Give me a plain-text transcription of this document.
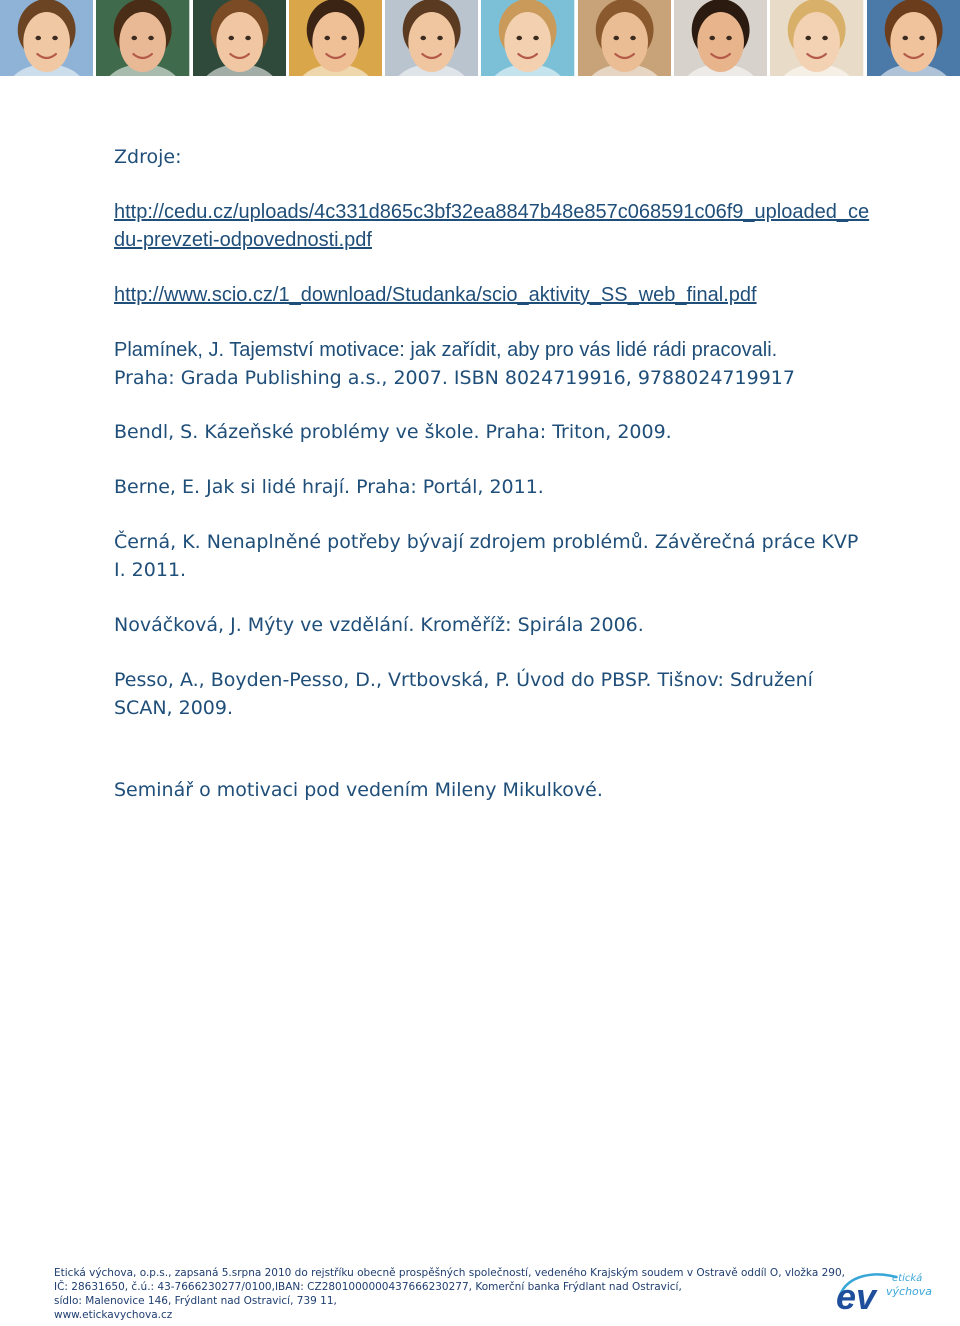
Zdroje:

http://cedu.cz/uploads/4c331d865c3bf32ea8847b48e857c068591c06f9_uploaded_cedu-prevzeti-odpovednosti.pdf

http://www.scio.cz/1_download/Studanka/scio_aktivity_SS_web_final.pdf

Plamínek, J. Tajemství motivace: jak zařídit, aby pro vás lidé rádi pracovali.
Praha: Grada Publishing a.s., 2007. ISBN 8024719916, 9788024719917

Bendl, S. Kázeňské problémy ve škole. Praha: Triton, 2009.

Berne, E. Jak si lidé hrají. Praha: Portál, 2011.

Černá, K. Nenaplněné potřeby bývají zdrojem problémů. Závěrečná práce KVP I. 2011.

Nováčková, J. Mýty ve vzdělání. Kroměříž: Spirála 2006.

Pesso, A., Boyden-Pesso, D., Vrtbovská, P. Úvod do PBSP. Tišnov: Sdružení SCAN, 2009.

Seminář o motivaci pod vedením Mileny Mikulkové.

Etická výchova, o.p.s., zapsaná 5.srpna 2010 do rejstříku obecně prospěšných společností, vedeného Krajským soudem v Ostravě oddíl O, vložka 290,

IČ: 28631650, č.ú.: 43-7666230277/0100,IBAN: CZ2801000000437666230277, Komerční banka Frýdlant nad Ostravicí,

sídlo: Malenovice 146, Frýdlant nad Ostravicí, 739 11,

www.etickavychova.cz	ev etická
výchova
